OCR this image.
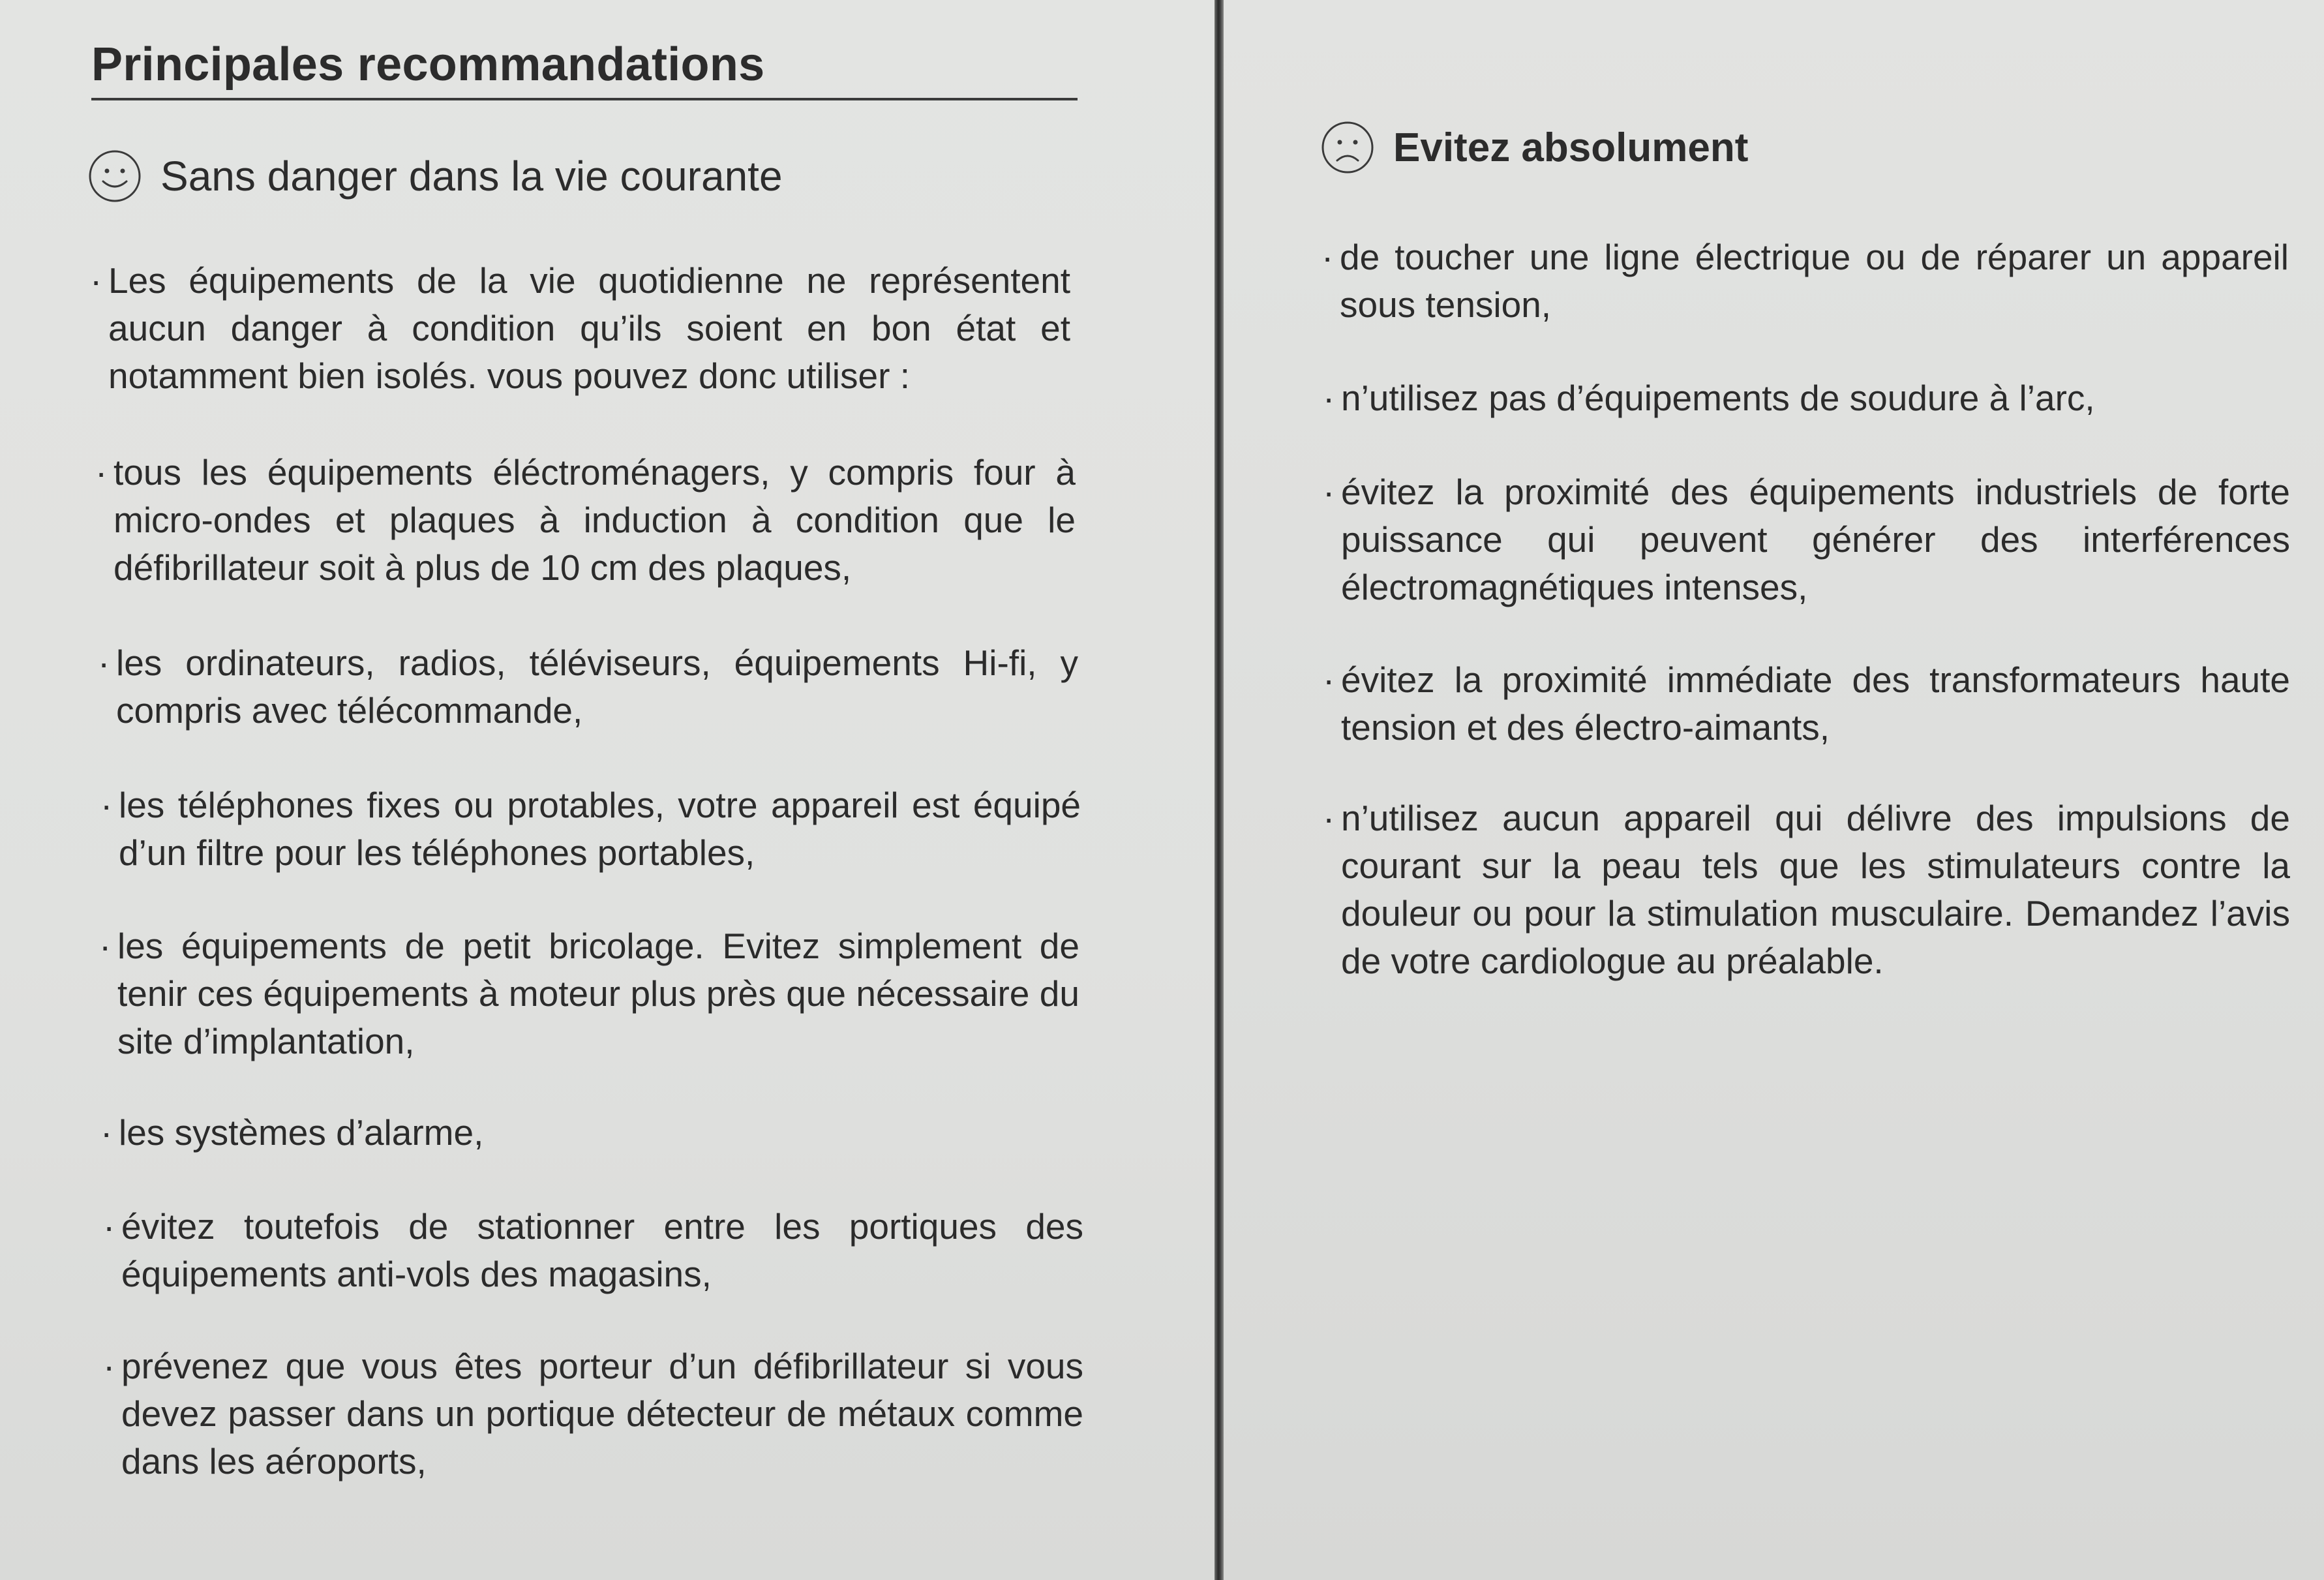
Principales recommandations
Sans danger dans la vie courante
Evitez absolument

· Les équipements de la vie quotidienne ne représentent aucun danger à condition qu’ils soient en bon état et notamment bien isolés. vous pouvez donc utiliser :

· tous les équipements éléctroménagers, y compris four à micro-ondes et plaques à induction à condition que le défibrillateur soit à plus de 10 cm des plaques,

· les ordinateurs, radios, téléviseurs, équipements Hi-fi, y compris avec télécommande,

· les téléphones fixes ou protables, votre appareil est équipé d’un filtre pour les téléphones portables,

· les équipements de petit bricolage. Evitez simplement de tenir ces équipements à moteur plus près que nécessaire du site d’implantation,

· les systèmes d’alarme,

· évitez toutefois de stationner entre les portiques des équipements anti-vols des magasins,

· prévenez que vous êtes porteur d’un défibrillateur si vous devez passer dans un portique détecteur de métaux comme dans les aéroports,

· de toucher une ligne électrique ou de réparer un appareil sous tension,

· n’utilisez pas d’équipements de soudure à l’arc,

· évitez la proximité des équipements industriels de forte puissance qui peuvent générer des interférences électromagnétiques intenses,

· évitez la proximité immédiate des transformateurs haute tension et des électro-aimants,

· n’utilisez aucun appareil qui délivre des impulsions de courant sur la peau tels que les stimulateurs contre la douleur ou pour la stimulation musculaire. Demandez l’avis de votre cardiologue au préalable.
